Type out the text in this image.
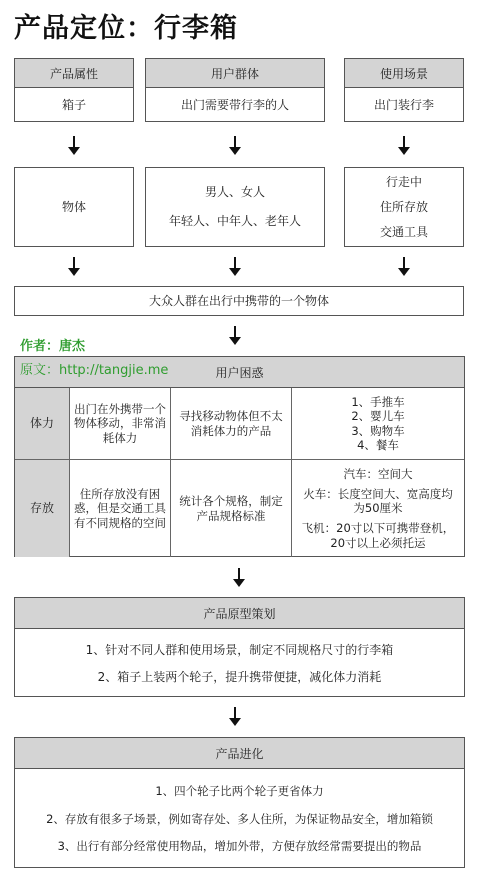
产品定位：行李箱
产品属性
箱子
用户群体
出门需要带行李的人
使用场景
出门装行李
物体
男人、女人
年轻人、中年人、老年人
行走中
住所存放
交通工具
大众人群在出行中携带的一个物体
作者：唐杰
用户困惑
体力
出门在外携带一个物体移动，非常消耗体力
寻找移动物体但不太消耗体力的产品
1、手推车
2、婴儿车
3、购物车
4、餐车
存放
住所存放没有困惑，但是交通工具有不同规格的空间
统计各个规格，制定产品规格标准
汽车：空间大
火车：长度空间大、宽高度均为50厘米
飞机：20寸以下可携带登机，20寸以上必须托运
原文：http://tangjie.me
产品原型策划
1、针对不同人群和使用场景，制定不同规格尺寸的行李箱
2、箱子上装两个轮子，提升携带便捷，减化体力消耗
产品进化
1、四个轮子比两个轮子更省体力
2、存放有很多子场景，例如寄存处、多人住所，为保证物品安全，增加箱锁
3、出行有部分经常使用物品，增加外带，方便存放经常需要提出的物品
